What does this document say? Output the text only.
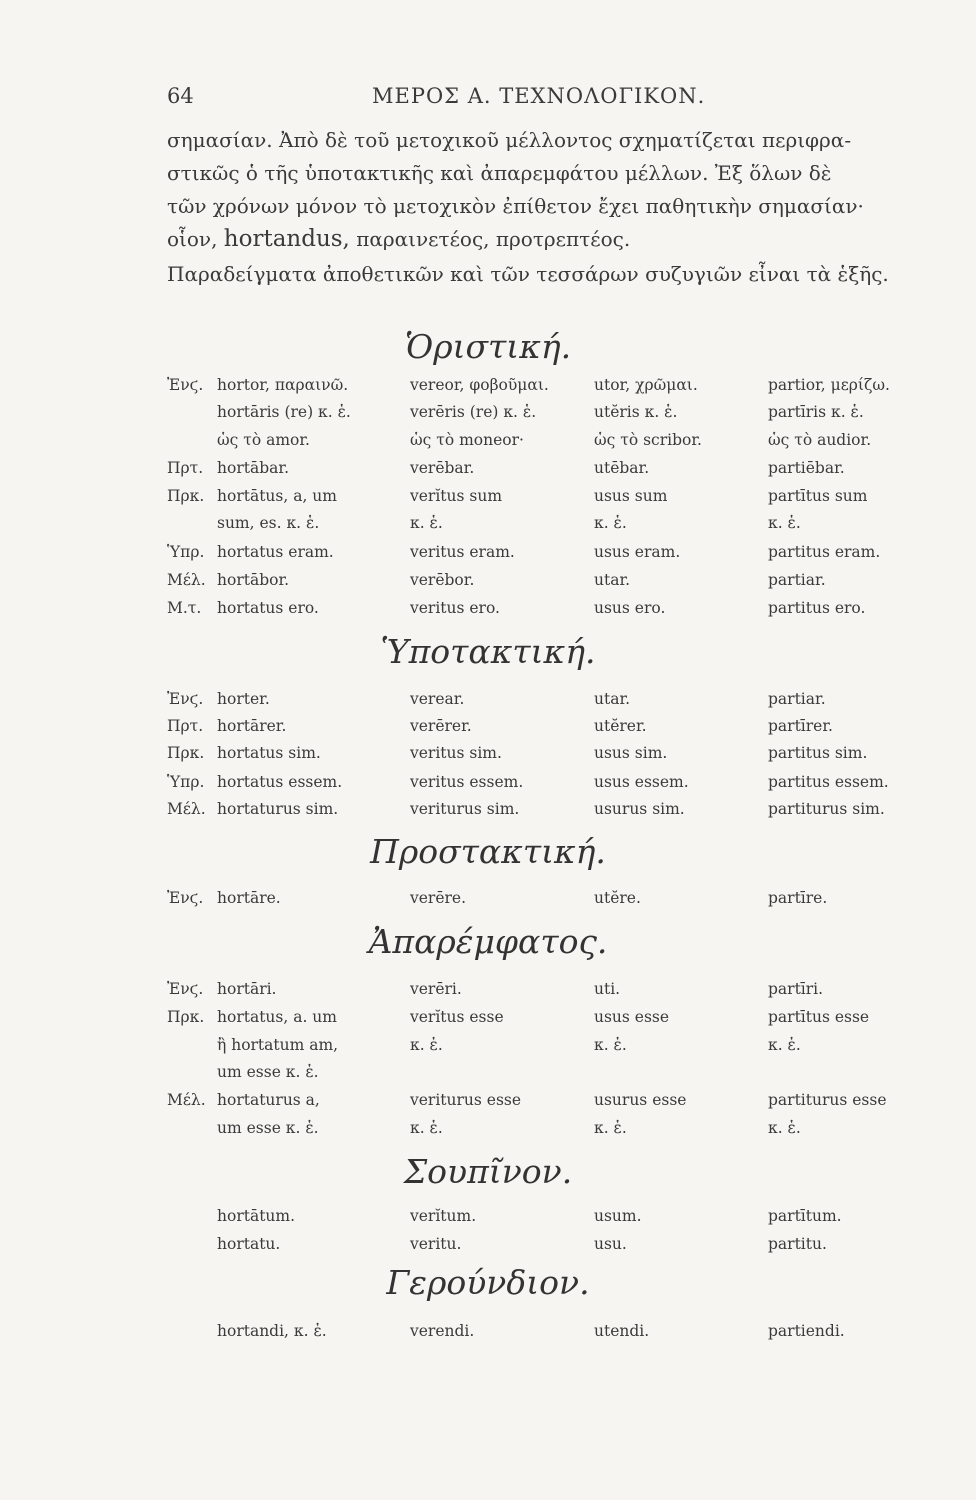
64	ΜΕΡΟΣ Α. ΤΕΧΝΟΛΟΓΙΚΟΝ.
σημασίαν. Ἀπὸ δὲ τοῦ μετοχικοῦ μέλλοντος σχηματίζεται περιφρα-
στικῶς ὁ τῆς ὑποτακτικῆς καὶ ἀπαρεμφάτου μέλλων. Ἐξ ὅλων δὲ
τῶν χρόνων μόνον τὸ μετοχικὸν ἐπίθετον ἔχει παθητικὴν σημασίαν·
οἷον, hortandus, παραινετέος, προτρεπτέος.
Παραδείγματα ἀποθετικῶν καὶ τῶν τεσσάρων συζυγιῶν εἶναι τὰ ἑξῆς.
Ὁριστική.
Ἐνϛ. hortor, παραινῶ.	vereor, φοβοῦμαι.	utor, χρῶμαι.	partior, μερίζω.
hortāris (re) κ. ἑ.	verēris (re) κ. ἑ.	utĕris κ. ἑ.	partīris κ. ἑ.
ὡς τὸ amor.	ὡς τὸ moneor·	ὡς τὸ scribor.	ὡς τὸ audior.
Πρτ. hortābar.	verēbar.	utēbar.	partiēbar.
Πρκ. hortātus, a, um	verĭtus sum	usus sum	partītus sum
sum, es. κ. ἑ.	κ. ἑ.	κ. ἑ.	κ. ἑ.
Ὑπρ. hortatus eram.	veritus eram.	usus eram.	partitus eram.
Μέλ. hortābor.	verēbor.	utar.	partiar.
Μ.τ. hortatus ero.	veritus ero.	usus ero.	partitus ero.
Ὑποτακτική.
Ἐνϛ. horter.	verear.	utar.	partiar.
Πρτ. hortārer.	verērer.	utĕrer.	partīrer.
Πρκ. hortatus sim.	veritus sim.	usus sim.	partitus sim.
Ὑπρ. hortatus essem.	veritus essem.	usus essem.	partitus essem.
Μέλ. hortaturus sim.	veriturus sim.	usurus sim.	partiturus sim.
Προστακτική.
Ἐνϛ. hortāre.	verēre.	utĕre.	partīre.
Ἀπαρέμφατος.
Ἐνϛ. hortāri.	verēri.	uti.	partīri.
Πρκ. hortatus, a. um	verĭtus esse	usus esse	partītus esse
ἢ hortatum am,	κ. ἑ.	κ. ἑ.	κ. ἑ.
um esse κ. ἑ.
Μέλ. hortaturus a,	veriturus esse	usurus esse	partiturus esse
um esse κ. ἑ.	κ. ἑ.	κ. ἑ.	κ. ἑ.
Σουπῖνον.
hortātum.	verĭtum.	usum.	partītum.
hortatu.	veritu.	usu.	partitu.
Γερούνδιον.
hortandi, κ. ἑ.	verendi.	utendi.	partiendi.
